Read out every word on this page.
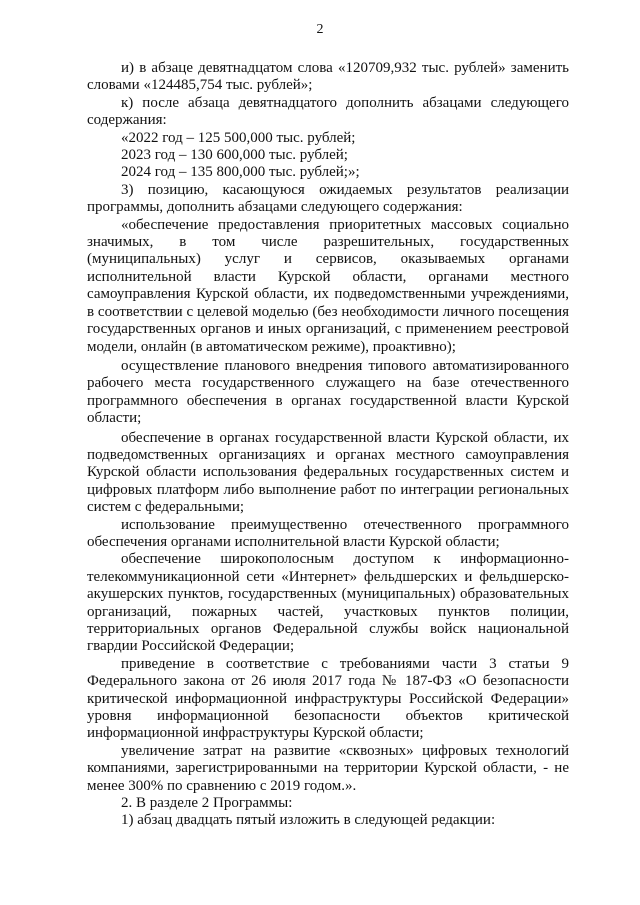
2

и) в абзаце девятнадцатом слова «120709,932 тыс. рублей» заменить словами «124485,754 тыс. рублей»;

к) после абзаца девятнадцатого дополнить абзацами следующего содержания:

«2022 год – 125 500,000 тыс. рублей;

2023 год – 130 600,000 тыс. рублей;

2024 год – 135 800,000 тыс. рублей;»;

3) позицию, касающуюся ожидаемых результатов реализации программы, дополнить абзацами следующего содержания:

«обеспечение предоставления приоритетных массовых социально значимых, в том числе разрешительных, государственных (муниципальных) услуг и сервисов, оказываемых органами исполнительной власти Курской области, органами местного самоуправления Курской области, их подведомственными учреждениями, в соответствии с целевой моделью (без необходимости личного посещения государственных органов и иных организаций, с применением реестровой модели, онлайн (в автоматическом режиме), проактивно);

осуществление планового внедрения типового автоматизированного рабочего места государственного служащего на базе отечественного программного обеспечения в органах государственной власти Курской области;

обеспечение в органах государственной власти Курской области, их подведомственных организациях и органах местного самоуправления Курской области использования федеральных государственных систем и цифровых платформ либо выполнение работ по интеграции региональных систем с федеральными;

использование преимущественно отечественного программного обеспечения органами исполнительной власти Курской области;

обеспечение широкополосным доступом к информационно-телекоммуникационной сети «Интернет» фельдшерских и фельдшерско-акушерских пунктов, государственных (муниципальных) образовательных организаций, пожарных частей, участковых пунктов полиции, территориальных органов Федеральной службы войск национальной гвардии Российской Федерации;

приведение в соответствие с требованиями части 3 статьи 9 Федерального закона от 26 июля 2017 года № 187-ФЗ «О безопасности критической информационной инфраструктуры Российской Федерации» уровня информационной безопасности объектов критической информационной инфраструктуры Курской области;

увеличение затрат на развитие «сквозных» цифровых технологий компаниями, зарегистрированными на территории Курской области, - не менее 300% по сравнению с 2019 годом.».

2. В разделе 2 Программы:

1) абзац двадцать пятый изложить в следующей редакции:
